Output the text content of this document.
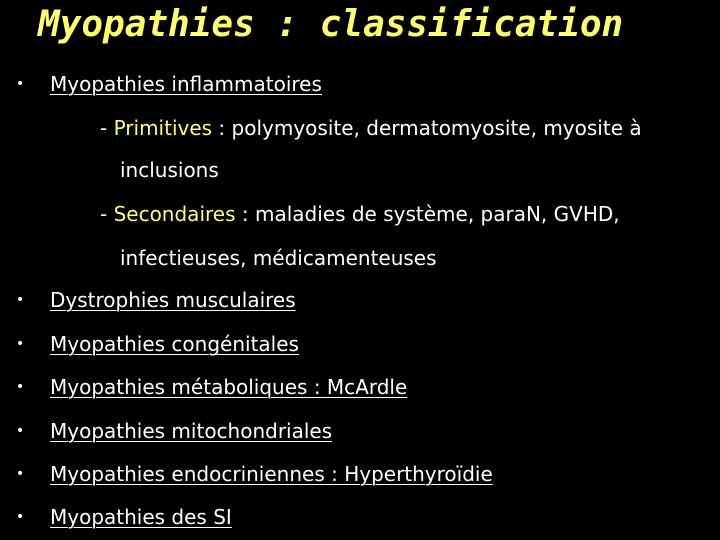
Myopathies : classification
• Myopathies inflammatoires
- Primitives : polymyosite, dermatomyosite, myosite à
inclusions
- Secondaires : maladies de système, paraN, GVHD,
infectieuses, médicamenteuses
• Dystrophies musculaires
• Myopathies congénitales
• Myopathies métaboliques : McArdle
• Myopathies mitochondriales
• Myopathies endocriniennes : Hyperthyroïdie
• Myopathies des SI
